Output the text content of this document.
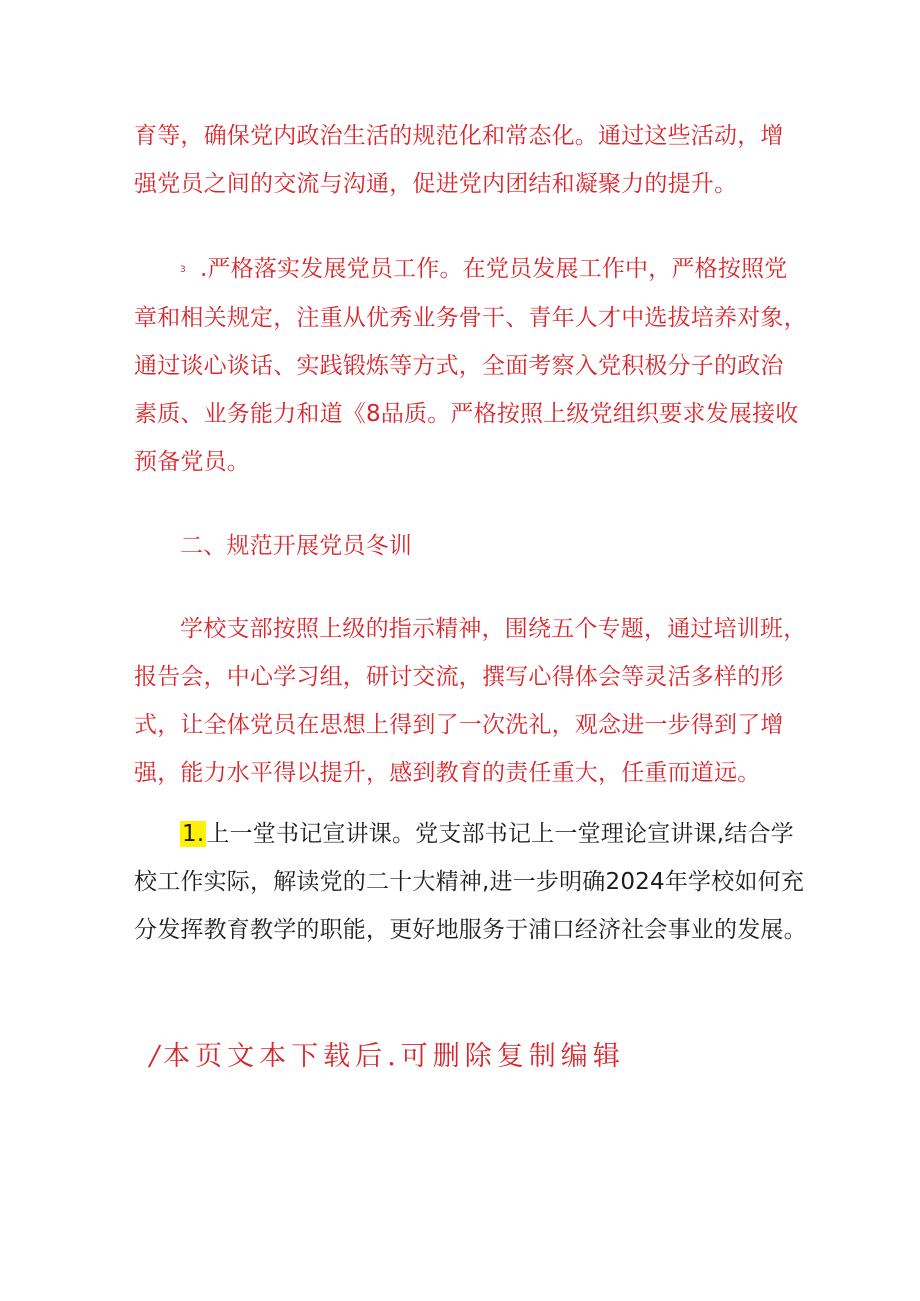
育等，确保党内政治生活的规范化和常态化。通过这些活动，增
强党员之间的交流与沟通，促进党内团结和凝聚力的提升。
3 .严格落实发展党员工作。在党员发展工作中，严格按照党
章和相关规定，注重从优秀业务骨干、青年人才中选拔培养对象，
通过谈心谈话、实践锻炼等方式，全面考察入党积极分子的政治
素质、业务能力和道《8品质。严格按照上级党组织要求发展接收
预备党员。
二、规范开展党员冬训
学校支部按照上级的指示精神，围绕五个专题，通过培训班，
报告会，中心学习组，研讨交流，撰写心得体会等灵活多样的形
式，让全体党员在思想上得到了一次洗礼，观念进一步得到了增
强，能力水平得以提升，感到教育的责任重大，任重而道远。
1.上一堂书记宣讲课。党支部书记上一堂理论宣讲课,结合学
校工作实际，解读党的二十大精神,进一步明确2024年学校如何充
分发挥教育教学的职能，更好地服务于浦口经济社会事业的发展。
/ 本页文本下载后.可删除复制编辑
